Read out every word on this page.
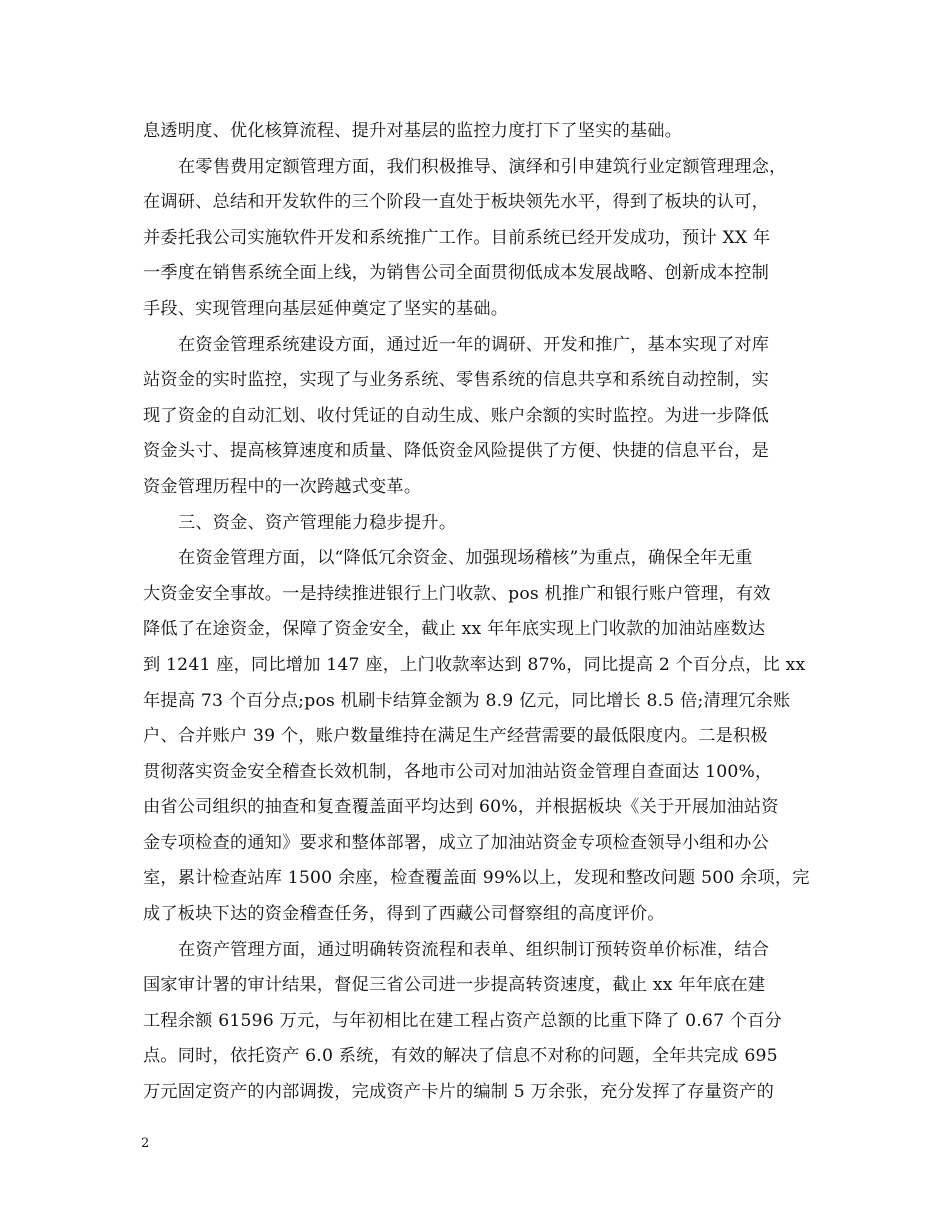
息透明度、优化核算流程、提升对基层的监控力度打下了坚实的基础。
在零售费用定额管理方面，我们积极推导、演绎和引申建筑行业定额管理理念，
在调研、总结和开发软件的三个阶段一直处于板块领先水平，得到了板块的认可，
并委托我公司实施软件开发和系统推广工作。目前系统已经开发成功，预计 XX 年
一季度在销售系统全面上线，为销售公司全面贯彻低成本发展战略、创新成本控制
手段、实现管理向基层延伸奠定了坚实的基础。
在资金管理系统建设方面，通过近一年的调研、开发和推广，基本实现了对库
站资金的实时监控，实现了与业务系统、零售系统的信息共享和系统自动控制，实
现了资金的自动汇划、收付凭证的自动生成、账户余额的实时监控。为进一步降低
资金头寸、提高核算速度和质量、降低资金风险提供了方便、快捷的信息平台，是
资金管理历程中的一次跨越式变革。
三、资金、资产管理能力稳步提升。
在资金管理方面，以“降低冗余资金、加强现场稽核”为重点，确保全年无重
大资金安全事故。一是持续推进银行上门收款、pos 机推广和银行账户管理，有效
降低了在途资金，保障了资金安全，截止 xx 年年底实现上门收款的加油站座数达
到 1241 座，同比增加 147 座，上门收款率达到 87%，同比提高 2 个百分点，比 xx
年提高 73 个百分点;pos 机刷卡结算金额为 8.9 亿元，同比增长 8.5 倍;清理冗余账
户、合并账户 39 个，账户数量维持在满足生产经营需要的最低限度内。二是积极
贯彻落实资金安全稽查长效机制，各地市公司对加油站资金管理自查面达 100%，
由省公司组织的抽查和复查覆盖面平均达到 60%，并根据板块《关于开展加油站资
金专项检查的通知》要求和整体部署，成立了加油站资金专项检查领导小组和办公
室，累计检查站库 1500 余座，检查覆盖面 99%以上，发现和整改问题 500 余项，完
成了板块下达的资金稽查任务，得到了西藏公司督察组的高度评价。
在资产管理方面，通过明确转资流程和表单、组织制订预转资单价标准，结合
国家审计署的审计结果，督促三省公司进一步提高转资速度，截止 xx 年年底在建
工程余额 61596 万元，与年初相比在建工程占资产总额的比重下降了 0.67 个百分
点。同时，依托资产 6.0 系统，有效的解决了信息不对称的问题，全年共完成 695
万元固定资产的内部调拨，完成资产卡片的编制 5 万余张，充分发挥了存量资产的
2
